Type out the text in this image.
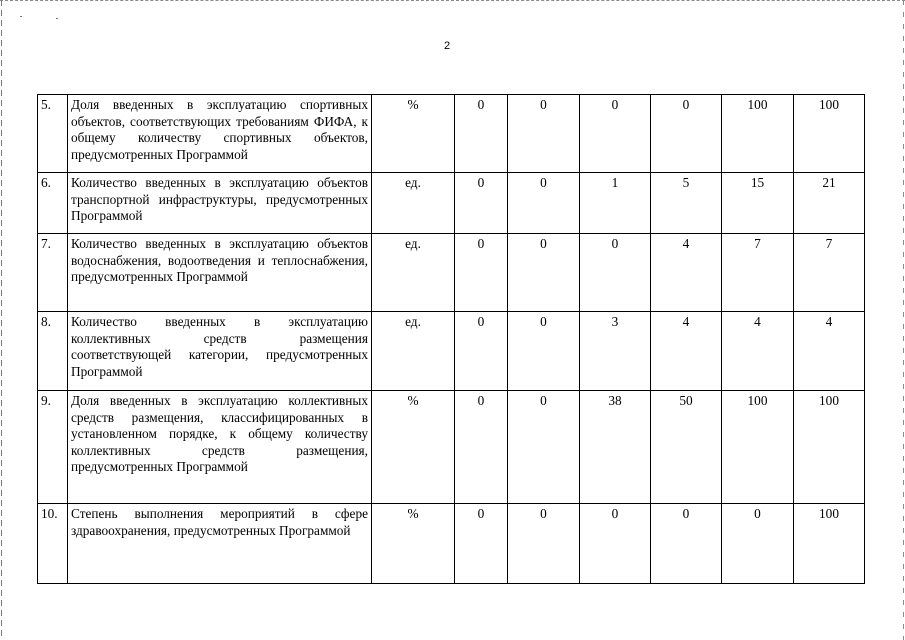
2
5.	Доля введенных в эксплуатацию спортивных объектов, соответствующих требованиям ФИФА, к общему количеству спортивных объектов, предусмотренных Программой	%	0	0	0	0	100	100
6.	Количество введенных в эксплуатацию объектов транспортной инфраструктуры, предусмотренных Программой	ед.	0	0	1	5	15	21
7.	Количество введенных в эксплуатацию объектов водоснабжения, водоотведения и теплоснабжения, предусмотренных Программой	ед.	0	0	0	4	7	7
8.	Количество введенных в эксплуатацию коллективных средств размещения соответствующей категории, предусмотренных Программой	ед.	0	0	3	4	4	4
9.	Доля введенных в эксплуатацию коллективных средств размещения, классифицированных в установленном порядке, к общему количеству коллективных средств размещения, предусмотренных Программой	%	0	0	38	50	100	100
10.	Степень выполнения мероприятий в сфере здравоохранения, предусмотренных Программой	%	0	0	0	0	0	100
